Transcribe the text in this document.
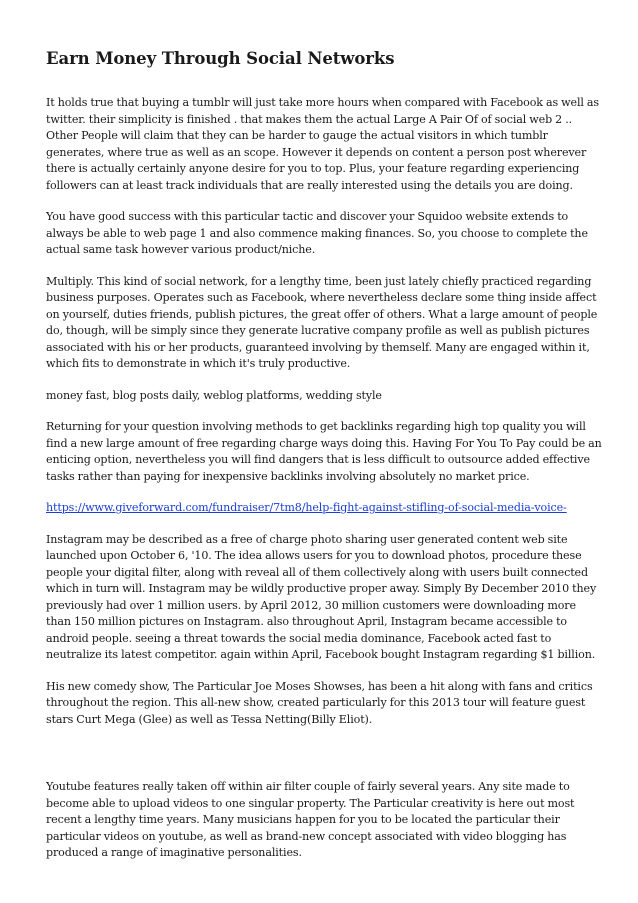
Earn Money Through Social Networks

It holds true that buying a tumblr will just take more hours when compared with Facebook as well as twitter. their simplicity is finished . that makes them the actual Large A Pair Of of social web 2 .. Other People will claim that they can be harder to gauge the actual visitors in which tumblr generates, where true as well as an scope. However it depends on content a person post wherever there is actually certainly anyone desire for you to top. Plus, your feature regarding experiencing followers can at least track individuals that are really interested using the details you are doing.

You have good success with this particular tactic and discover your Squidoo website extends to always be able to web page 1 and also commence making finances. So, you choose to complete the actual same task however various product/niche.

Multiply. This kind of social network, for a lengthy time, been just lately chiefly practiced regarding business purposes. Operates such as Facebook, where nevertheless declare some thing inside affect on yourself, duties friends, publish pictures, the great offer of others. What a large amount of people do, though, will be simply since they generate lucrative company profile as well as publish pictures associated with his or her products, guaranteed involving by themself. Many are engaged within it, which fits to demonstrate in which it's truly productive.

money fast, blog posts daily, weblog platforms, wedding style

Returning for your question involving methods to get backlinks regarding high top quality you will find a new large amount of free regarding charge ways doing this. Having For You To Pay could be an enticing option, nevertheless you will find dangers that is less difficult to outsource added effective tasks rather than paying for inexpensive backlinks involving absolutely no market price.

https://www.giveforward.com/fundraiser/7tm8/help-fight-against-stifling-of-social-media-voice-

Instagram may be described as a free of charge photo sharing user generated content web site launched upon October 6, '10. The idea allows users for you to download photos, procedure these people your digital filter, along with reveal all of them collectively along with users built connected which in turn will. Instagram may be wildly productive proper away. Simply By December 2010 they previously had over 1 million users. by April 2012, 30 million customers were downloading more than 150 million pictures on Instagram. also throughout April, Instagram became accessible to android people. seeing a threat towards the social media dominance, Facebook acted fast to neutralize its latest competitor. again within April, Facebook bought Instagram regarding $1 billion.

His new comedy show, The Particular Joe Moses Showses, has been a hit along with fans and critics throughout the region. This all-new show, created particularly for this 2013 tour will feature guest stars Curt Mega (Glee) as well as Tessa Netting(Billy Eliot).

Youtube features really taken off within air filter couple of fairly several years. Any site made to become able to upload videos to one singular property. The Particular creativity is here out most recent a lengthy time years. Many musicians happen for you to be located the particular their particular videos on youtube, as well as brand-new concept associated with video blogging has produced a range of imaginative personalities.
